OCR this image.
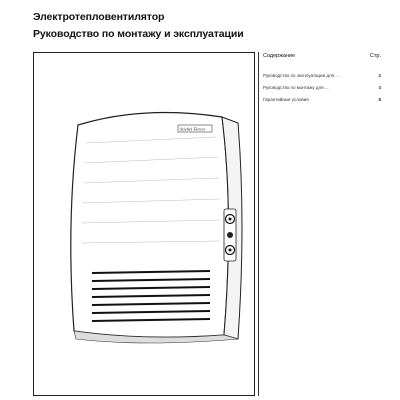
Электротепловентилятор
Руководство по монтажу и эксплуатации
Stiebel Eltron
Содержание	Стр.
Руководство по эксплуатации для ...	2
Руководство по монтажу для ...	3
Гарантийные условия	8
